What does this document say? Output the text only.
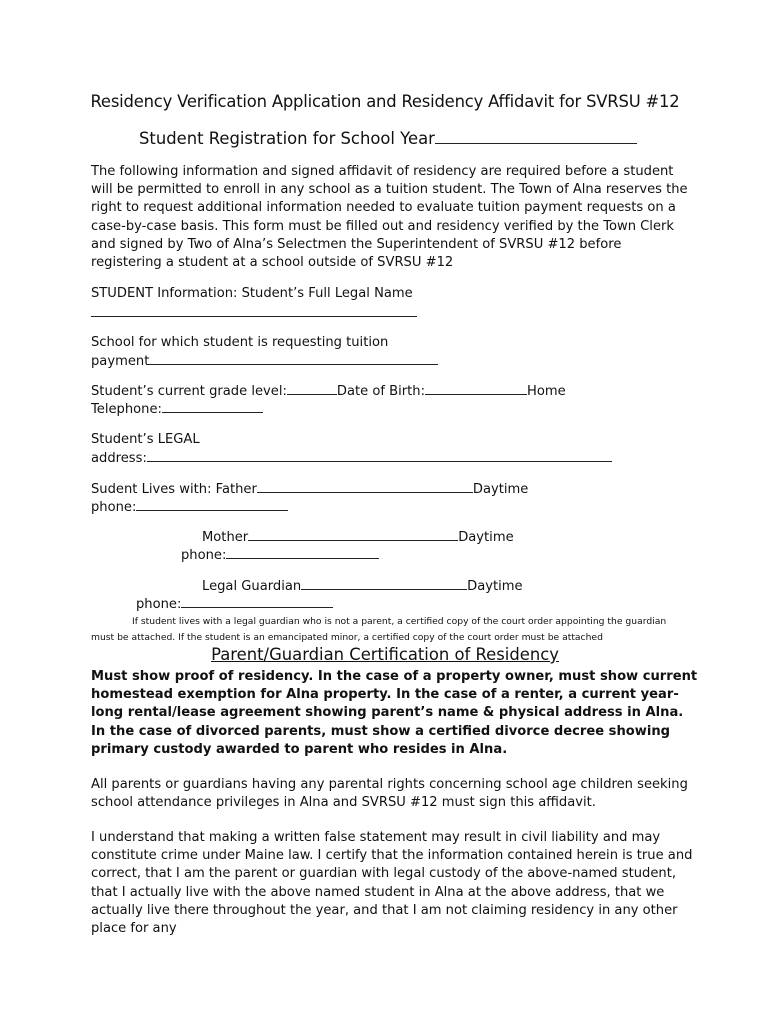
Residency Verification Application and Residency Affidavit for SVRSU #12
Student Registration for School Year
The following information and signed affidavit of residency are required before a student will be permitted to enroll in any school as a tuition student. The Town of Alna reserves the right to request additional information needed to evaluate tuition payment requests on a case-by-case basis. This form must be filled out and residency verified by the Town Clerk and signed by Two of Alna’s Selectmen the Superintendent of SVRSU #12 before registering a student at a school outside of SVRSU #12
STUDENT Information: Student’s Full Legal Name
School for which student is requesting tuition
payment
Student’s current grade level:	Date of Birth:	Home
Telephone:
Student’s LEGAL
address:
Sudent Lives with: Father	Daytime
phone:
Mother	Daytime
phone:
Legal Guardian	Daytime
phone:
If student lives with a legal guardian who is not a parent, a certified copy of the court order appointing the guardian
must be attached. If the student is an emancipated minor, a certified copy of the court order must be attached
Parent/Guardian Certification of Residency
Must show proof of residency. In the case of a property owner, must show current homestead exemption for Alna property. In the case of a renter, a current year-long rental/lease agreement showing parent’s name & physical address in Alna. In the case of divorced parents, must show a certified divorce decree showing primary custody awarded to parent who resides in Alna.
All parents or guardians having any parental rights concerning school age children seeking school attendance privileges in Alna and SVRSU #12 must sign this affidavit.
I understand that making a written false statement may result in civil liability and may constitute crime under Maine law. I certify that the information contained herein is true and correct, that I am the parent or guardian with legal custody of the above-named student, that I actually live with the above named student in Alna at the above address, that we actually live there throughout the year, and that I am not claiming residency in any other place for any
